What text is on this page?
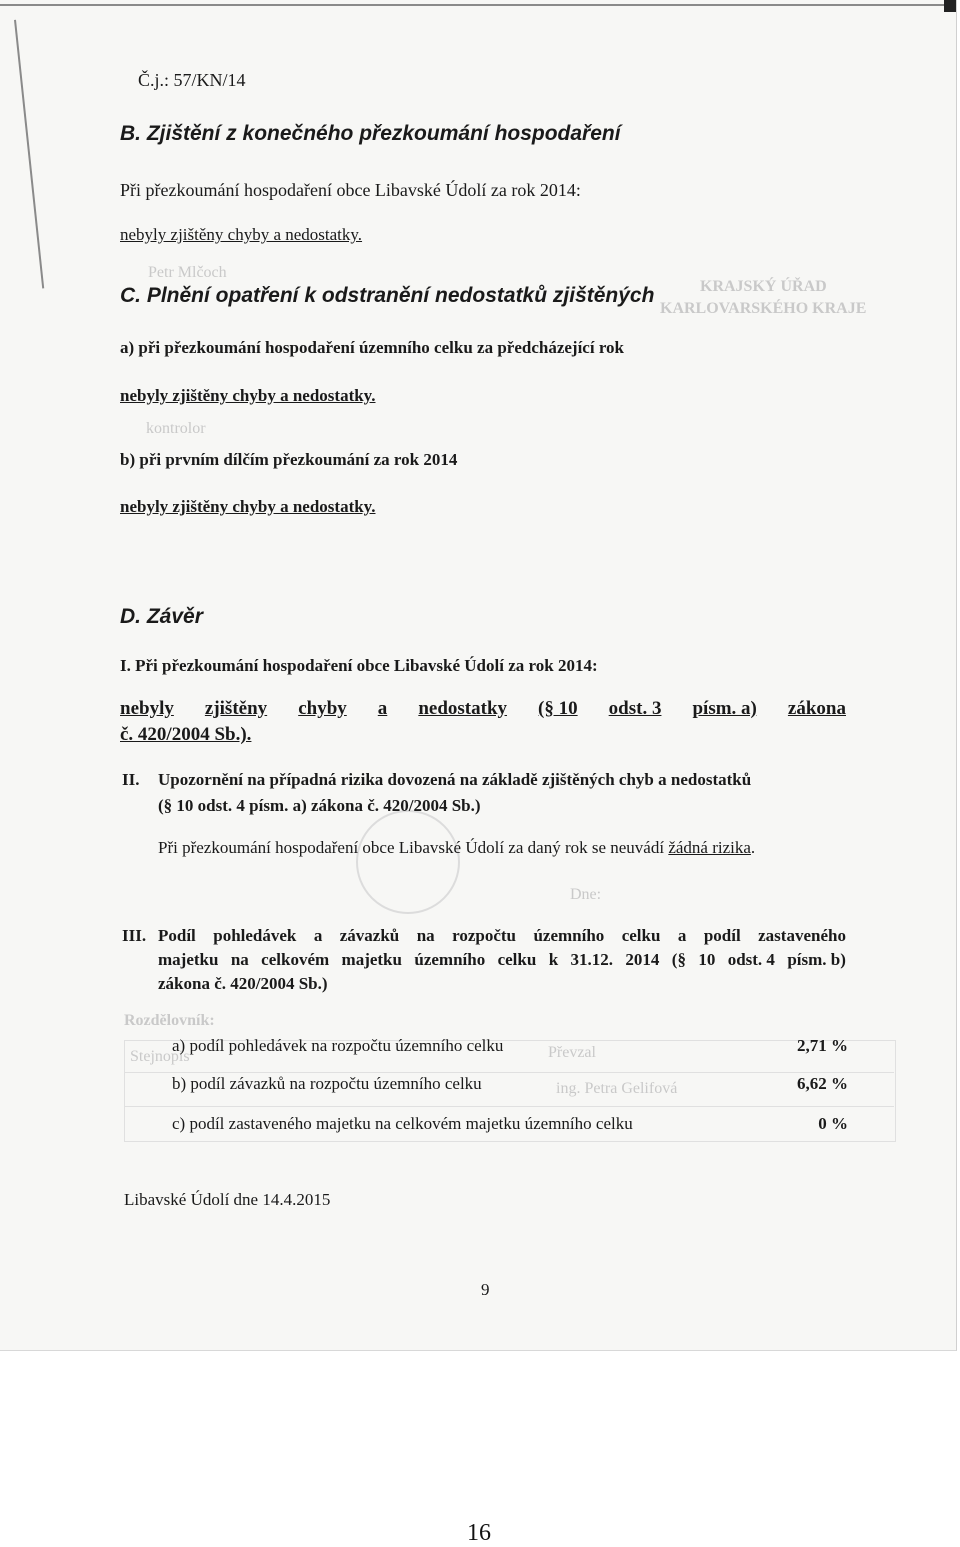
Petr Mlčoch
KRAJSKÝ ÚŘAD
KARLOVARSKÉHO KRAJE
kontrolor
Dne:
Rozdělovník:
Stejnopis	Převzal
ing. Petra Gelifová
Č.j.: 57/KN/14
B. Zjištění z konečného přezkoumání hospodaření
Při přezkoumání hospodaření obce Libavské Údolí za rok 2014:
nebyly zjištěny chyby a nedostatky.
C. Plnění opatření k odstranění nedostatků zjištěných
a) při přezkoumání hospodaření územního celku za předcházející rok
nebyly zjištěny chyby a nedostatky.
b) při prvním dílčím přezkoumání za rok 2014
nebyly zjištěny chyby a nedostatky.
D. Závěr
I. Při přezkoumání hospodaření obce Libavské Údolí za rok 2014:
nebyly zjištěny chyby a nedostatky (§ 10 odst. 3 písm. a) zákona
č. 420/2004 Sb.).
II. Upozornění na případná rizika dovozená na základě zjištěných chyb a nedostatků
(§ 10 odst. 4 písm. a) zákona č. 420/2004 Sb.)
Při přezkoumání hospodaření obce Libavské Údolí za daný rok se neuvádí žádná rizika.
III. Podíl pohledávek a závazků na rozpočtu územního celku a podíl zastaveného
majetku na celkovém majetku územního celku k 31.12. 2014 (§ 10 odst. 4 písm. b)
zákona č. 420/2004 Sb.)
a) podíl pohledávek na rozpočtu územního celku	2,71 %
b) podíl závazků na rozpočtu územního celku	6,62 %
c) podíl zastaveného majetku na celkovém majetku územního celku	0 %
Libavské Údolí dne 14.4.2015
9
16
